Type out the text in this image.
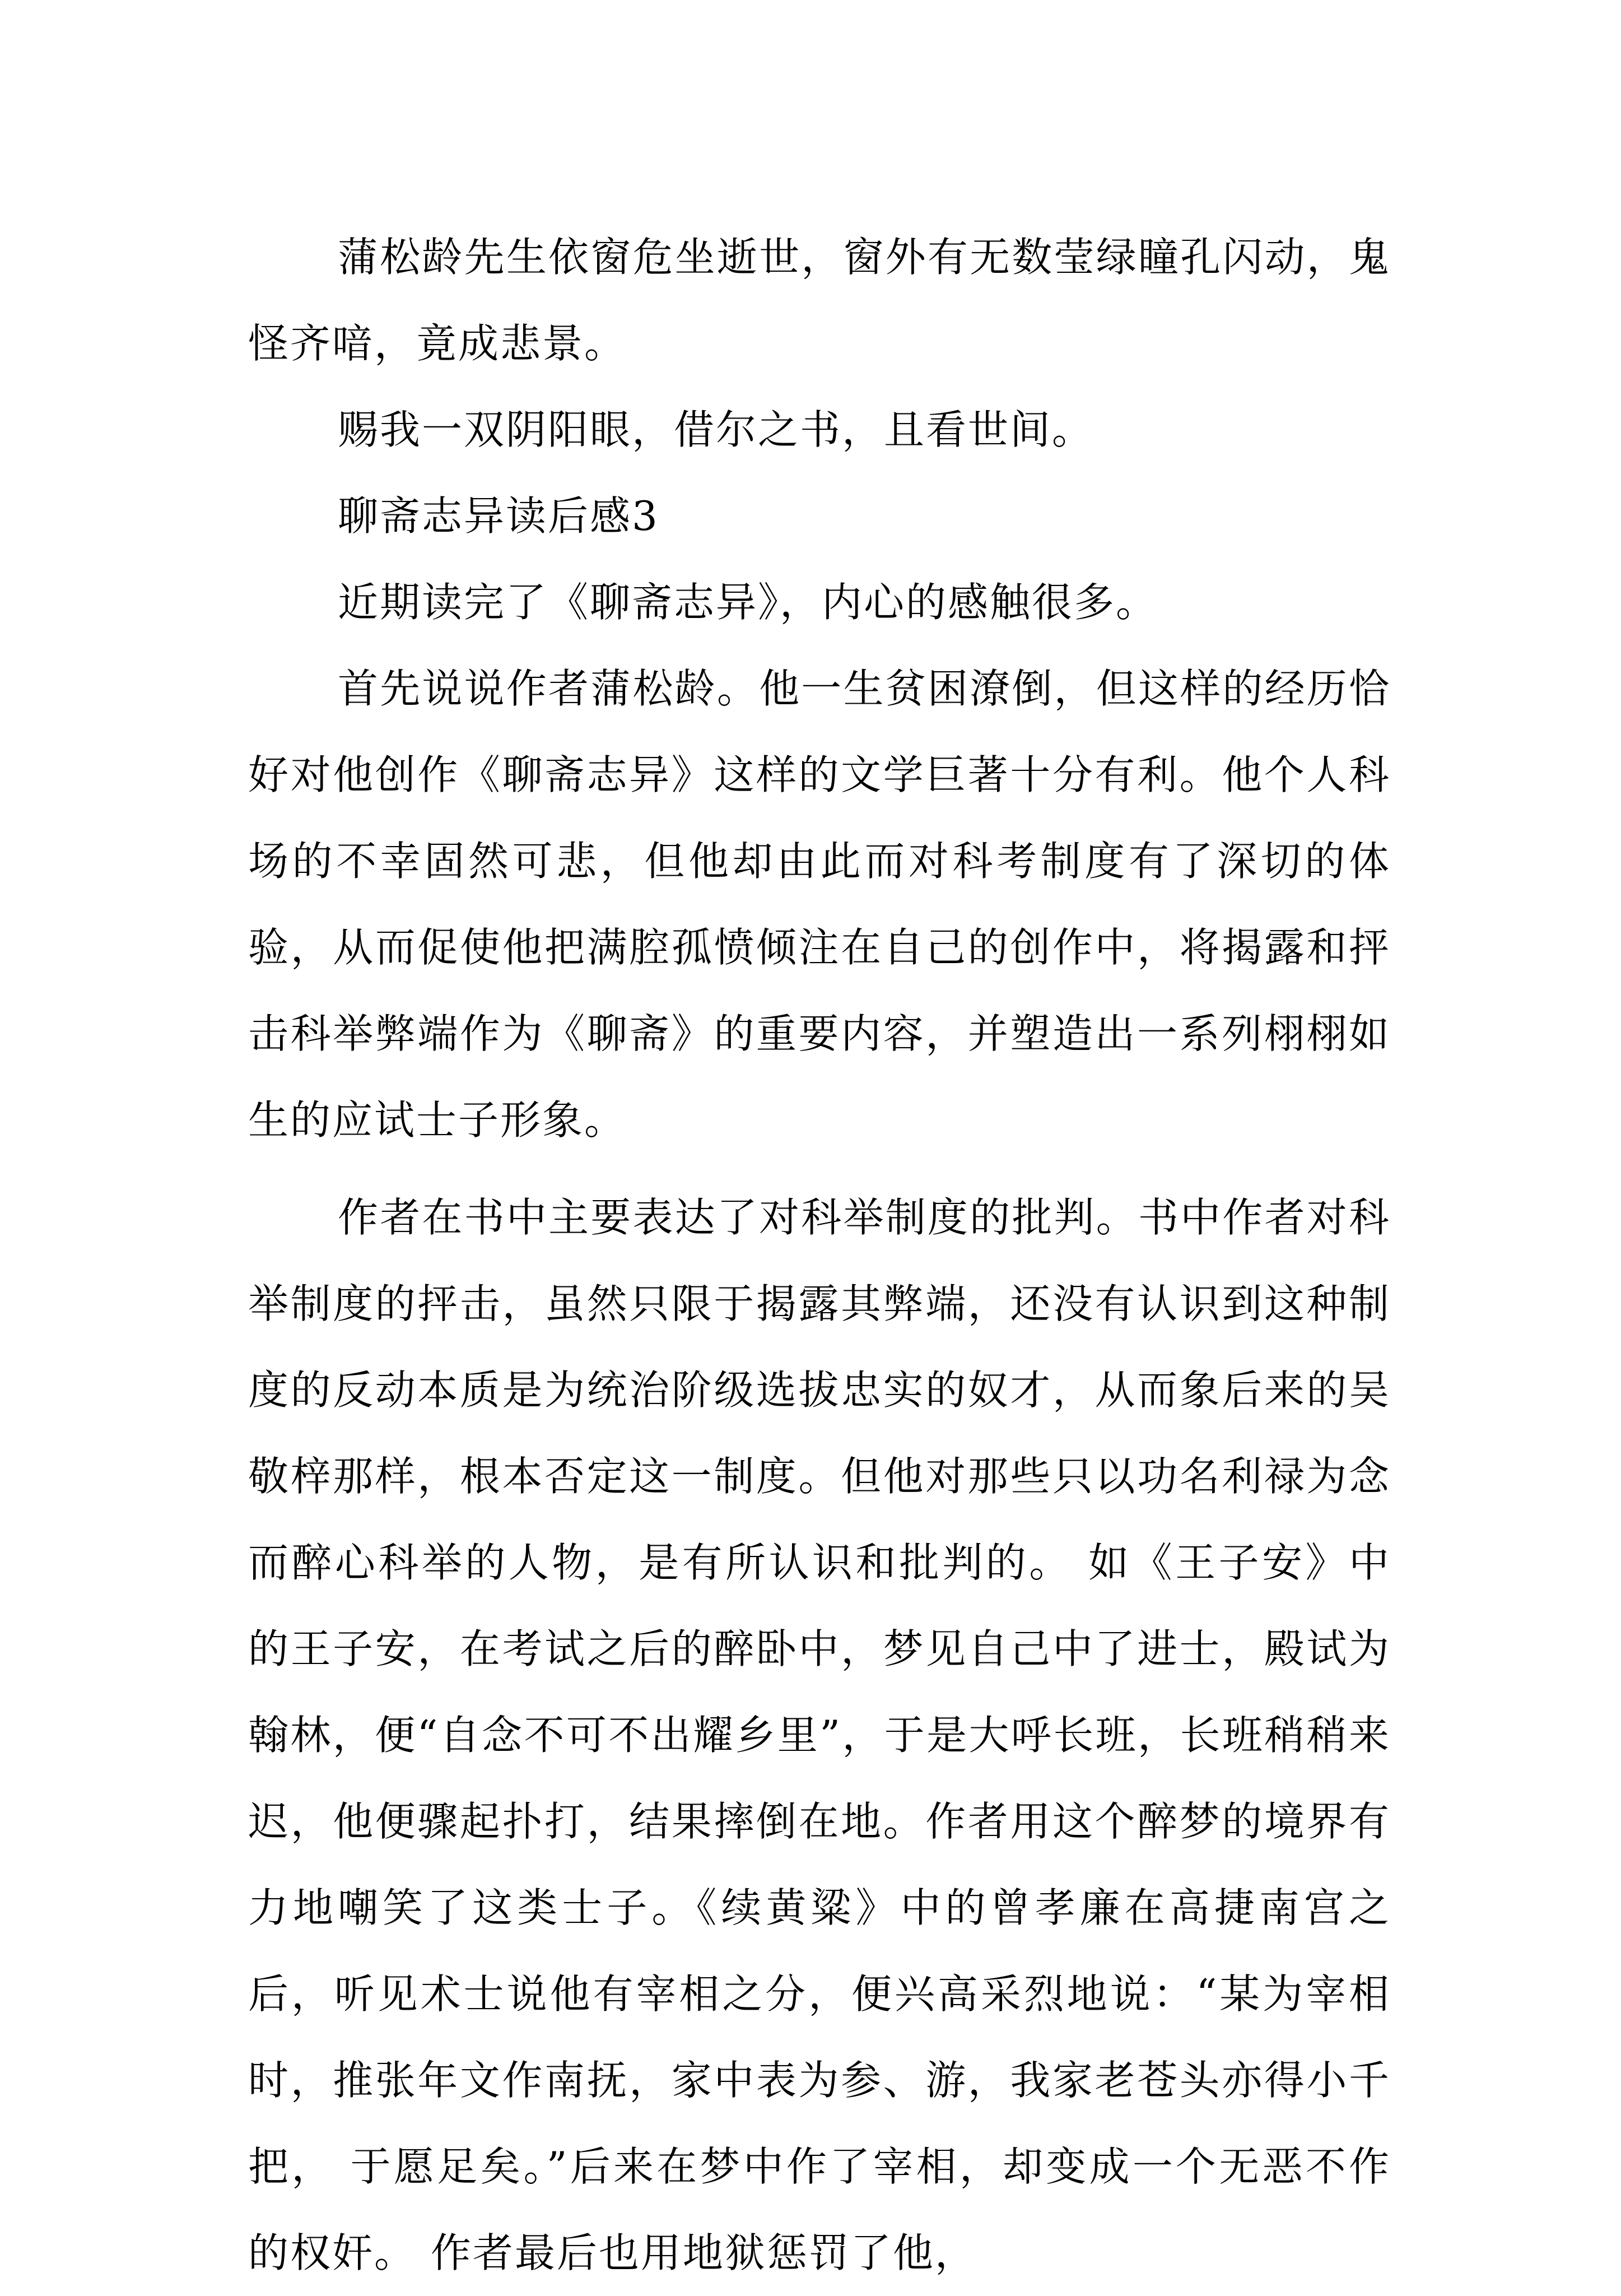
蒲松龄先生依窗危坐逝世，窗外有无数莹绿瞳孔闪动，鬼怪齐喑，竟成悲景。

赐我一双阴阳眼，借尔之书，且看世间。

聊斋志异读后感3

近期读完了《聊斋志异》，内心的感触很多。

首先说说作者蒲松龄。他一生贫困潦倒，但这样的经历恰好对他创作《聊斋志异》这样的文学巨著十分有利。他个人科场的不幸固然可悲，但他却由此而对科考制度有了深切的体验，从而促使他把满腔孤愤倾注在自己的创作中，将揭露和抨击科举弊端作为《聊斋》的重要内容，并塑造出一系列栩栩如生的应试士子形象。

作者在书中主要表达了对科举制度的批判。书中作者对科举制度的抨击，虽然只限于揭露其弊端，还没有认识到这种制度的反动本质是为统治阶级选拔忠实的奴才，从而象后来的吴敬梓那样，根本否定这一制度。但他对那些只以功名利禄为念而醉心科举的人物，是有所认识和批判的。 如《王子安》中的王子安，在考试之后的醉卧中，梦见自己中了进士，殿试为翰林，便“自念不可不出耀乡里”，于是大呼长班，长班稍稍来迟，他便骤起扑打，结果摔倒在地。作者用这个醉梦的境界有力地嘲笑了这类士子。《续黄粱》中的曾孝廉在高捷南宫之后，听见术士说他有宰相之分，便兴高采烈地说：“某为宰相时，推张年文作南抚，家中表为参、游，我家老苍头亦得小千把， 于愿足矣。”后来在梦中作了宰相，却变成一个无恶不作的权奸。 作者最后也用地狱惩罚了他，
